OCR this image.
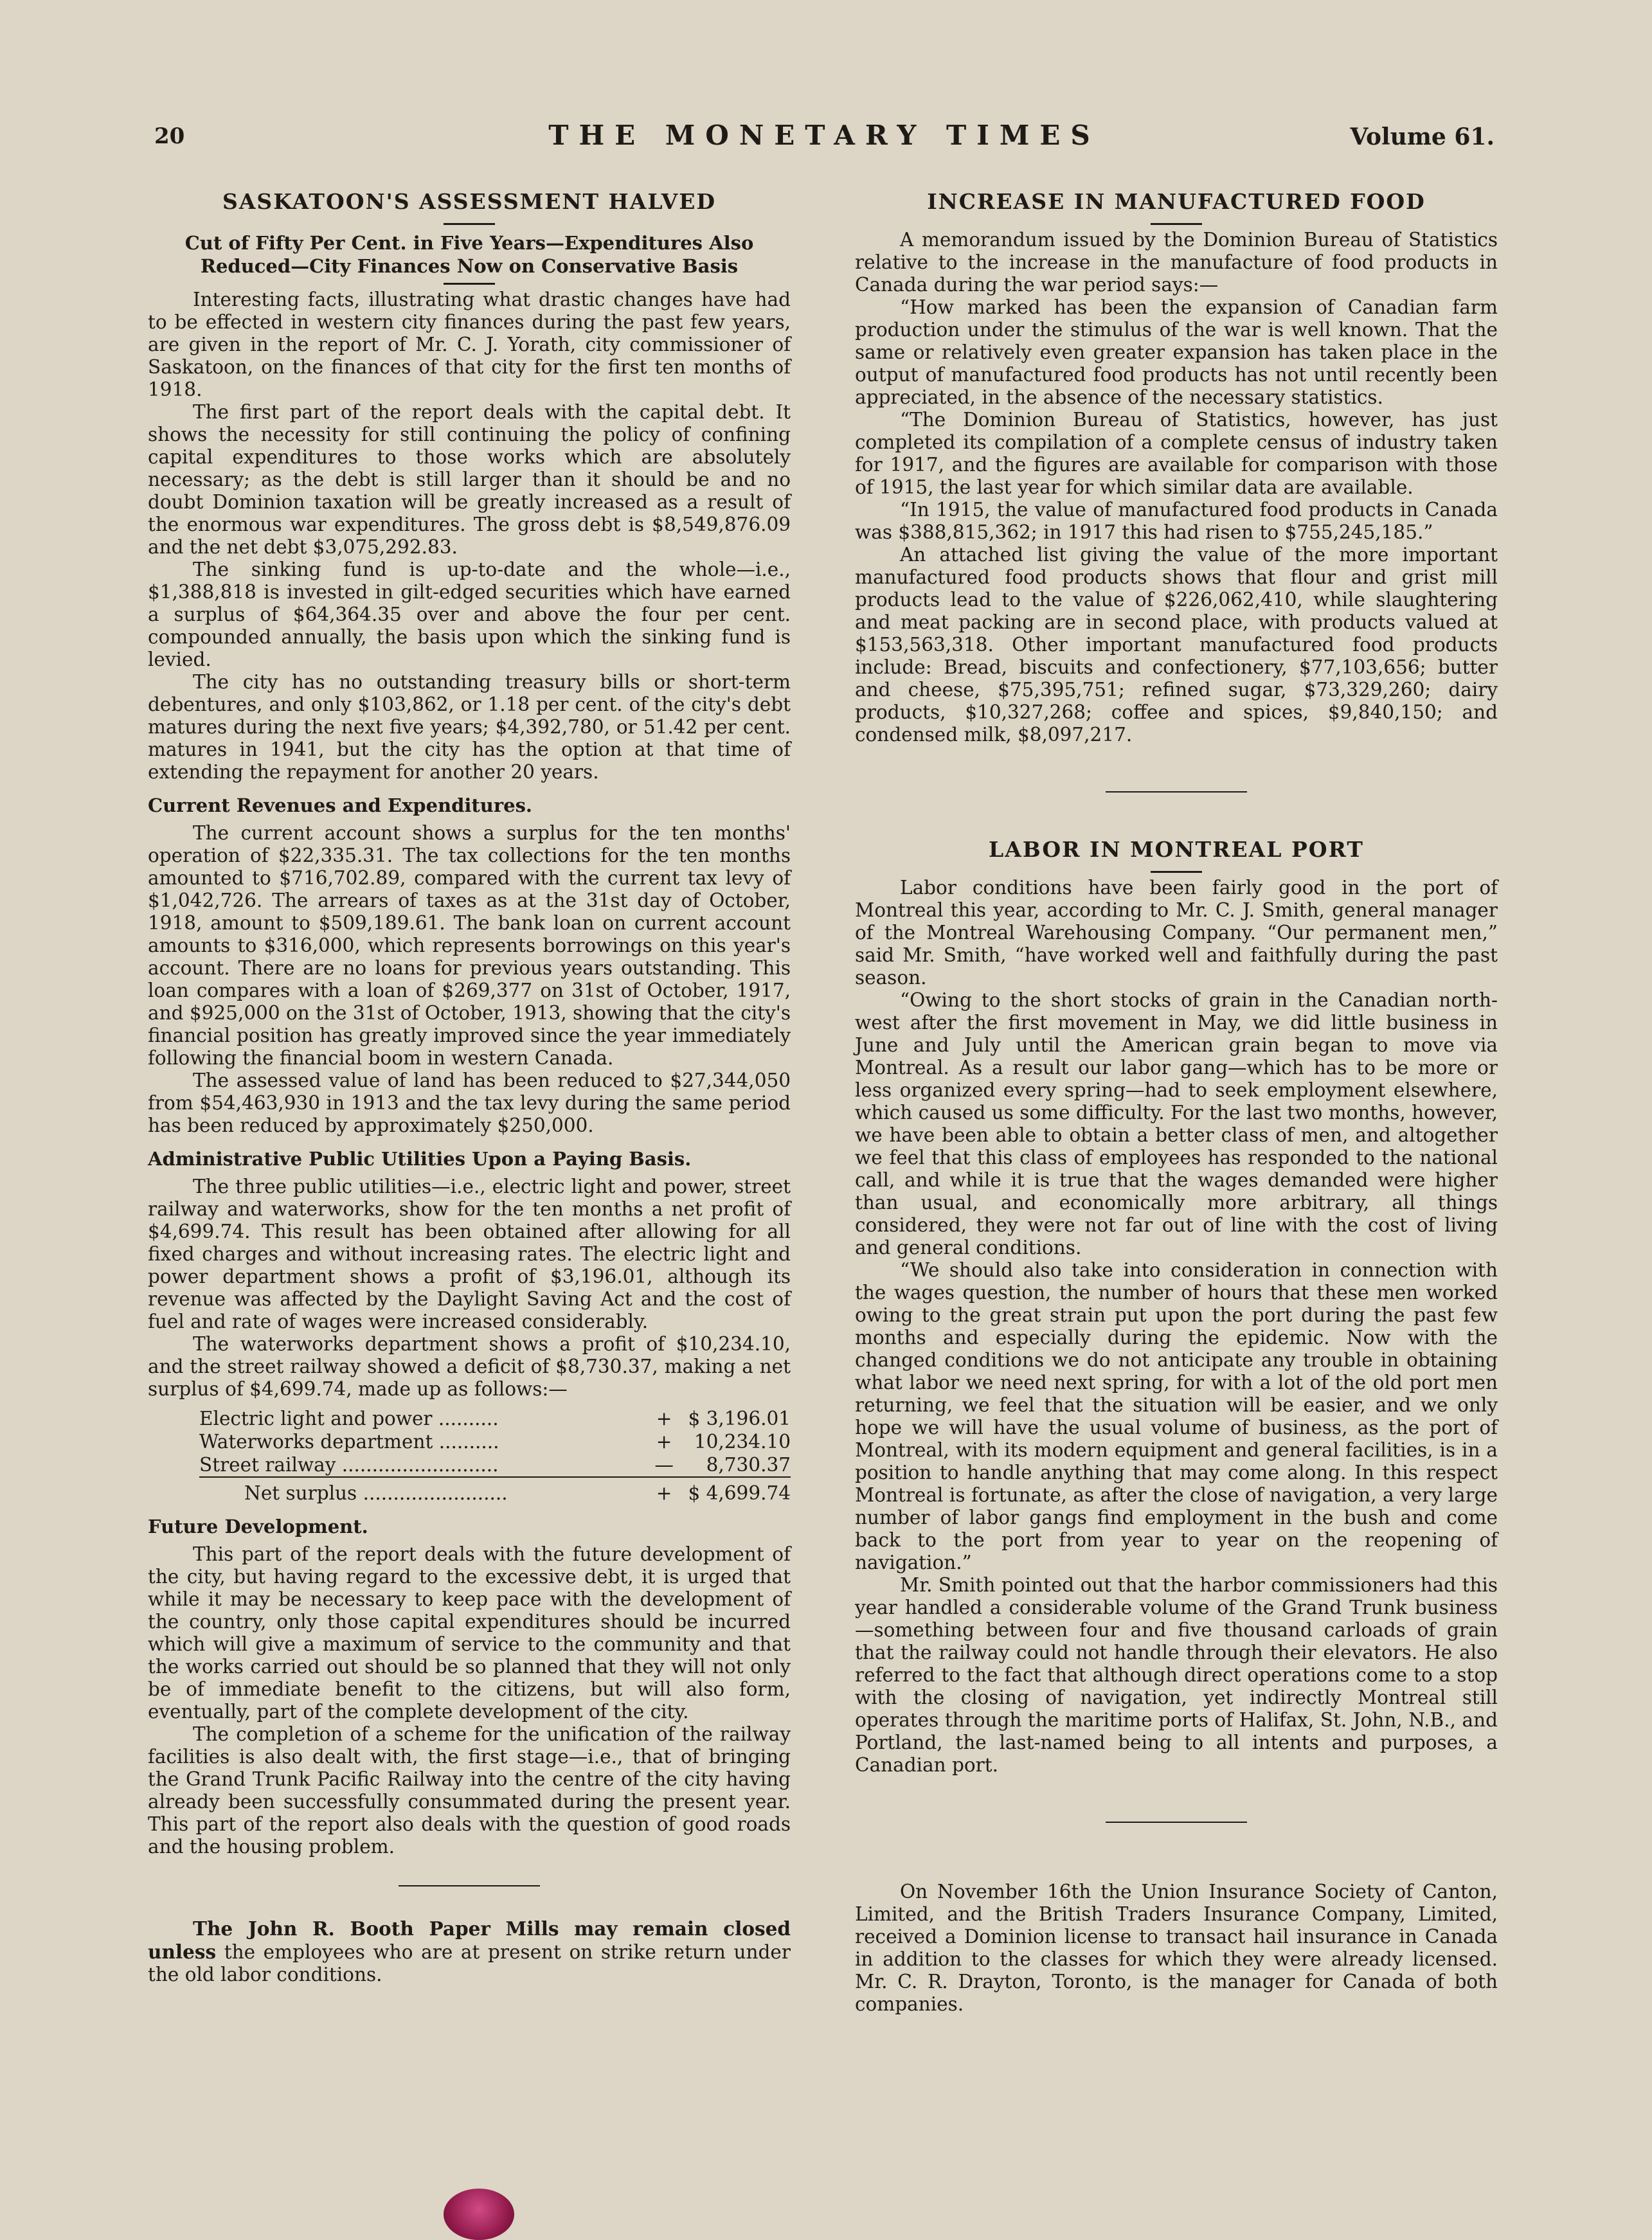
20	THE MONETARY TIMES	Volume 61.
SASKATOON'S ASSESSMENT HALVED
Cut of Fifty Per Cent. in Five Years—Expenditures Also Reduced—City Finances Now on Conservative Basis

Interesting facts, illustrating what drastic changes have had to be effected in western city finances during the past few years, are given in the report of Mr. C. J. Yorath, city commissioner of Saskatoon, on the finances of that city for the first ten months of 1918.

The first part of the report deals with the capital debt. It shows the necessity for still continuing the policy of confining capital expenditures to those works which are absolutely necessary; as the debt is still larger than it should be and no doubt Dominion taxation will be greatly increased as a result of the enormous war expenditures. The gross debt is $8,549,876.09 and the net debt $3,075,292.83.

The sinking fund is up-to-date and the whole—i.e., $1,388,818 is invested in gilt-edged securities which have earned a surplus of $64,364.35 over and above the four per cent. compounded annually, the basis upon which the sinking fund is levied.

The city has no outstanding treasury bills or short-term debentures, and only $103,862, or 1.18 per cent. of the city's debt matures during the next five years; $4,392,780, or 51.42 per cent. matures in 1941, but the city has the option at that time of extending the repayment for another 20 years.

Current Revenues and Expenditures.

The current account shows a surplus for the ten months' operation of $22,335.31. The tax collections for the ten months amounted to $716,702.89, compared with the current tax levy of $1,042,726. The arrears of taxes as at the 31st day of October, 1918, amount to $509,189.61. The bank loan on current account amounts to $316,000, which represents borrowings on this year's account. There are no loans for previous years outstanding. This loan compares with a loan of $269,377 on 31st of October, 1917, and $925,000 on the 31st of October, 1913, showing that the city's financial position has greatly improved since the year immediately following the financial boom in western Canada.

The assessed value of land has been reduced to $27,344,050 from $54,463,930 in 1913 and the tax levy during the same period has been reduced by approximately $250,000.

Administrative Public Utilities Upon a Paying Basis.

The three public utilities—i.e., electric light and power, street railway and waterworks, show for the ten months a net profit of $4,699.74. This result has been obtained after allowing for all fixed charges and without increasing rates. The electric light and power department shows a profit of $3,196.01, although its revenue was affected by the Daylight Saving Act and the cost of fuel and rate of wages were increased considerably.

The waterworks department shows a profit of $10,234.10, and the street railway showed a deficit of $8,730.37, making a net surplus of $4,699.74, made up as follows:—

Electric light and power ..........	+	$ 3,196.01
Waterworks department ..........	+	10,234.10
Street railway ..........................	—	8,730.37

Net surplus ........................	+	$ 4,699.74
Future Development.

This part of the report deals with the future development of the city, but having regard to the excessive debt, it is urged that while it may be necessary to keep pace with the development of the country, only those capital expenditures should be incurred which will give a maximum of service to the community and that the works carried out should be so planned that they will not only be of immediate benefit to the citizens, but will also form, eventually, part of the complete development of the city.

The completion of a scheme for the unification of the railway facilities is also dealt with, the first stage—i.e., that of bringing the Grand Trunk Pacific Railway into the centre of the city having already been successfully consummated during the present year. This part of the report also deals with the question of good roads and the housing problem.

The John R. Booth Paper Mills may remain closed unless the employees who are at present on strike return under the old labor conditions.

INCREASE IN MANUFACTURED FOOD

A memorandum issued by the Dominion Bureau of Statistics relative to the increase in the manufacture of food products in Canada during the war period says:—

“How marked has been the expansion of Canadian farm production under the stimulus of the war is well known. That the same or relatively even greater expansion has taken place in the output of manufactured food products has not until recently been appreciated, in the absence of the necessary statistics.

“The Dominion Bureau of Statistics, however, has just completed its compilation of a complete census of industry taken for 1917, and the figures are available for comparison with those of 1915, the last year for which similar data are available.

“In 1915, the value of manufactured food products in Canada was $388,815,362; in 1917 this had risen to $755,245,185.”

An attached list giving the value of the more important manufactured food products shows that flour and grist mill products lead to the value of $226,062,410, while slaughtering and meat packing are in second place, with products valued at $153,563,318. Other important manufactured food products include: Bread, biscuits and confectionery, $77,103,656; butter and cheese, $75,395,751; refined sugar, $73,329,260; dairy products, $10,327,268; coffee and spices, $9,840,150; and condensed milk, $8,097,217.

LABOR IN MONTREAL PORT

Labor conditions have been fairly good in the port of Montreal this year, according to Mr. C. J. Smith, general manager of the Montreal Warehousing Company. “Our permanent men,” said Mr. Smith, “have worked well and faithfully during the past season.

“Owing to the short stocks of grain in the Canadian north-west after the first movement in May, we did little business in June and July until the American grain began to move via Montreal. As a result our labor gang—which has to be more or less organized every spring—had to seek employment elsewhere, which caused us some difficulty. For the last two months, however, we have been able to obtain a better class of men, and altogether we feel that this class of employees has responded to the national call, and while it is true that the wages demanded were higher than usual, and economically more arbitrary, all things considered, they were not far out of line with the cost of living and general conditions.

“We should also take into consideration in connection with the wages question, the number of hours that these men worked owing to the great strain put upon the port during the past few months and especially during the epidemic. Now with the changed conditions we do not anticipate any trouble in obtaining what labor we need next spring, for with a lot of the old port men returning, we feel that the situation will be easier, and we only hope we will have the usual volume of business, as the port of Montreal, with its modern equipment and general facilities, is in a position to handle anything that may come along. In this respect Montreal is fortunate, as after the close of navigation, a very large number of labor gangs find employment in the bush and come back to the port from year to year on the reopening of navigation.”

Mr. Smith pointed out that the harbor commissioners had this year handled a considerable volume of the Grand Trunk business—something between four and five thousand carloads of grain that the railway could not handle through their elevators. He also referred to the fact that although direct operations come to a stop with the closing of navigation, yet indirectly Montreal still operates through the maritime ports of Halifax, St. John, N.B., and Portland, the last-named being to all intents and purposes, a Canadian port.

On November 16th the Union Insurance Society of Canton, Limited, and the British Traders Insurance Company, Limited, received a Dominion license to transact hail insurance in Canada in addition to the classes for which they were already licensed. Mr. C. R. Drayton, Toronto, is the manager for Canada of both companies.
